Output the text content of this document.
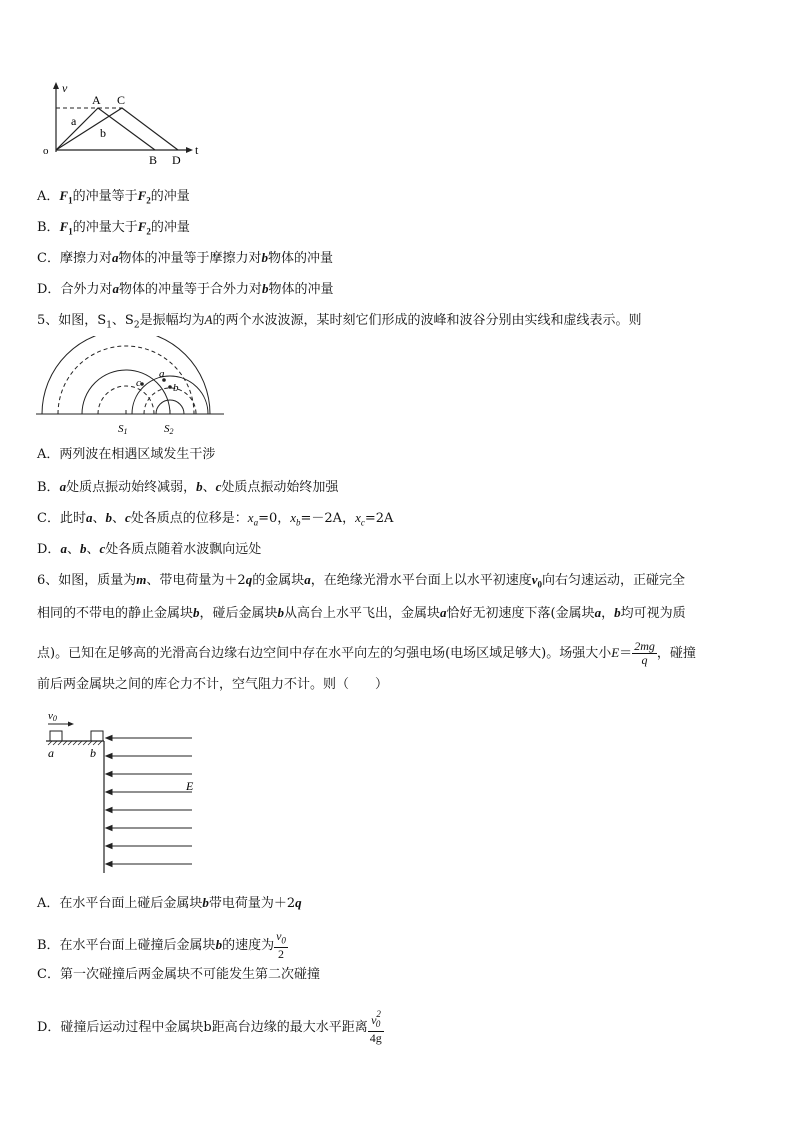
v
t
o
A C
B D
a
b
A．$F_1$的冲量等于$F_2$的冲量
B．$F_1$的冲量大于$F_2$的冲量
C．摩擦力对a物体的冲量等于摩擦力对b物体的冲量
D．合外力对a物体的冲量等于合外力对b物体的冲量
5、如图，$S_1$、$S_2$是振幅均为A的两个水波波源，某时刻它们形成的波峰和波谷分别由实线和虚线表示。则
a
b
c
S1	S2
A．两列波在相遇区域发生干涉
B．a处质点振动始终减弱，b、c处质点振动始终加强
C．此时a、b、c处各质点的位移是：$x_a=0$，$x_b=-2A$，$x_c=2A$
D．a、b、c处各质点随着水波飘向远处
6、如图，质量为m、带电荷量为＋2q的金属块a，在绝缘光滑水平台面上以水平初速度$v_0$向右匀速运动，正碰完全
相同的不带电的静止金属块b，碰后金属块b从高台上水平飞出，金属块a恰好无初速度下落(金属块a，b均可视为质
点)。已知在足够高的光滑高台边缘右边空间中存在水平向左的匀强电场(电场区域足够大)。场强大小$E= \frac{2mg}{q}$ ，碰撞
前后两金属块之间的库仑力不计，空气阻力不计。则（　　）
v0
a	b
E
A．在水平台面上碰后金属块b带电荷量为＋2q
B．在水平台面上碰撞后金属块b的速度为 $\frac{v_0}{2}$
C．第一次碰撞后两金属块不可能发生第二次碰撞
D．碰撞后运动过程中金属块b距高台边缘的最大水平距离 $\frac{v^2_0}{4g}$
